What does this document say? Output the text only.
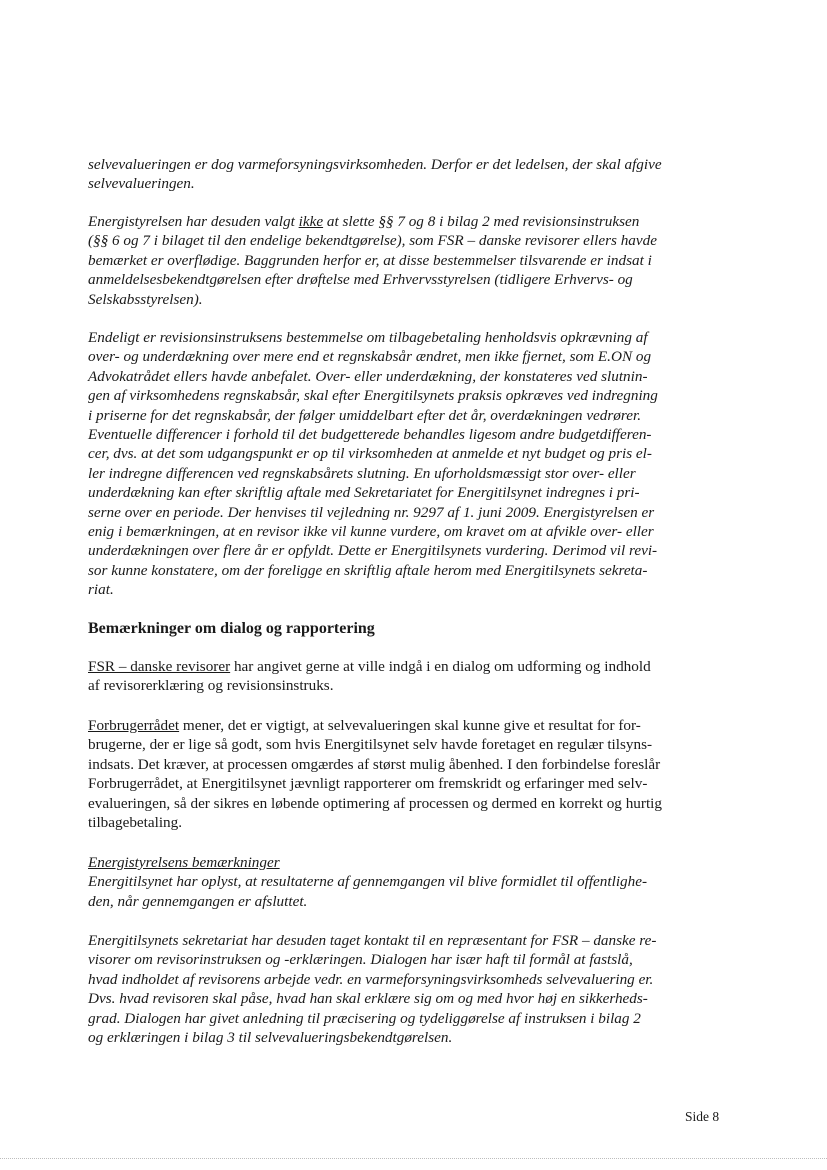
selvevalueringen er dog varmeforsyningsvirksomheden. Derfor er det ledelsen, der skal afgive
selvevalueringen.
Energistyrelsen har desuden valgt ikke at slette §§ 7 og 8 i bilag 2 med revisionsinstruksen
(§§ 6 og 7 i bilaget til den endelige bekendtgørelse), som FSR – danske revisorer ellers havde
bemærket er overflødige. Baggrunden herfor er, at disse bestemmelser tilsvarende er indsat i
anmeldelsesbekendtgørelsen efter drøftelse med Erhvervsstyrelsen (tidligere Erhvervs- og
Selskabsstyrelsen).
Endeligt er revisionsinstruksens bestemmelse om tilbagebetaling henholdsvis opkrævning af
over- og underdækning over mere end et regnskabsår ændret, men ikke fjernet, som E.ON og
Advokatrådet ellers havde anbefalet. Over- eller underdækning, der konstateres ved slutnin-
gen af virksomhedens regnskabsår, skal efter Energitilsynets praksis opkræves ved indregning
i priserne for det regnskabsår, der følger umiddelbart efter det år, overdækningen vedrører.
Eventuelle differencer i forhold til det budgetterede behandles ligesom andre budgetdifferen-
cer, dvs. at det som udgangspunkt er op til virksomheden at anmelde et nyt budget og pris el-
ler indregne differencen ved regnskabsårets slutning. En uforholdsmæssigt stor over- eller
underdækning kan efter skriftlig aftale med Sekretariatet for Energitilsynet indregnes i pri-
serne over en periode. Der henvises til vejledning nr. 9297 af 1. juni 2009. Energistyrelsen er
enig i bemærkningen, at en revisor ikke vil kunne vurdere, om kravet om at afvikle over- eller
underdækningen over flere år er opfyldt. Dette er Energitilsynets vurdering. Derimod vil revi-
sor kunne konstatere, om der foreligge en skriftlig aftale herom med Energitilsynets sekreta-
riat.
Bemærkninger om dialog og rapportering
FSR – danske revisorer har angivet gerne at ville indgå i en dialog om udforming og indhold
af revisorerklæring og revisionsinstruks.
Forbrugerrådet mener, det er vigtigt, at selvevalueringen skal kunne give et resultat for for-
brugerne, der er lige så godt, som hvis Energitilsynet selv havde foretaget en regulær tilsyns-
indsats. Det kræver, at processen omgærdes af størst mulig åbenhed. I den forbindelse foreslår
Forbrugerrådet, at Energitilsynet jævnligt rapporterer om fremskridt og erfaringer med selv-
evalueringen, så der sikres en løbende optimering af processen og dermed en korrekt og hurtig
tilbagebetaling.
Energistyrelsens bemærkninger
Energitilsynet har oplyst, at resultaterne af gennemgangen vil blive formidlet til offentlighe-
den, når gennemgangen er afsluttet.
Energitilsynets sekretariat har desuden taget kontakt til en repræsentant for FSR – danske re-
visorer om revisorinstruksen og -erklæringen. Dialogen har især haft til formål at fastslå,
hvad indholdet af revisorens arbejde vedr. en varmeforsyningsvirksomheds selvevaluering er.
Dvs. hvad revisoren skal påse, hvad han skal erklære sig om og med hvor høj en sikkerheds-
grad. Dialogen har givet anledning til præcisering og tydeliggørelse af instruksen i bilag 2
og erklæringen i bilag 3 til selvevalueringsbekendtgørelsen.
Side 8
